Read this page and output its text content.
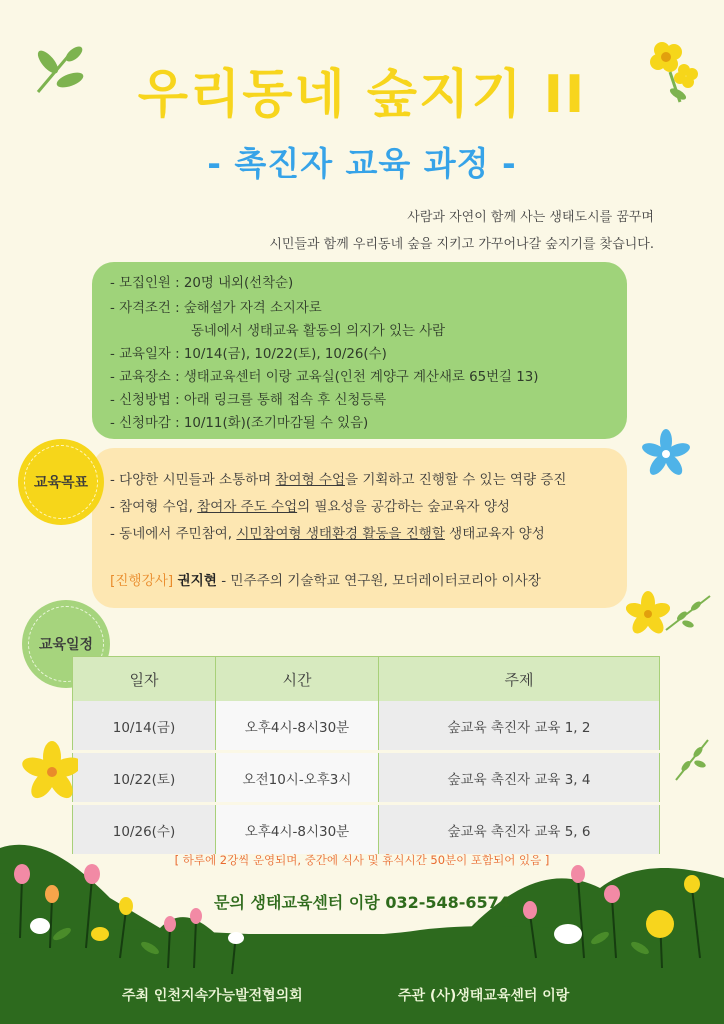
우리동네 숲지기 II
- 촉진자 교육 과정 -
사람과 자연이 함께 사는 생태도시를 꿈꾸며
시민들과 함께 우리동네 숲을 지키고 가꾸어나갈 숲지기를 찾습니다.
- 모집인원 : 20명 내외(선착순)
- 자격조건 : 숲해설가 자격 소지자로
동네에서 생태교육 활동의 의지가 있는 사람
- 교육일자 : 10/14(금), 10/22(토), 10/26(수)
- 교육장소 : 생태교육센터 이랑 교육실(인천 계양구 계산새로 65번길 13)
- 신청방법 : 아래 링크를 통해 접속 후 신청등록
- 신청마감 : 10/11(화)(조기마감될 수 있음)
교육목표 - 다양한 시민들과 소통하며 참여형 수업을 기획하고 진행할 수 있는 역량 증진
- 참여형 수업, 참여자 주도 수업의 필요성을 공감하는 숲교육자 양성
- 동네에서 주민참여, 시민참여형 생태환경 활동을 진행할 생태교육자 양성
[진행강사] 권지현 - 민주주의 기술학교 연구원, 모더레이터코리아 이사장
교육일정
일자	시간	주제
10/14(금)	오후4시-8시30분	숲교육 촉진자 교육 1, 2
10/22(토)	오전10시-오후3시	숲교육 촉진자 교육 3, 4
10/26(수)	오후4시-8시30분	숲교육 촉진자 교육 5, 6
[ 하루에 2강씩 운영되며, 중간에 식사 및 휴식시간 50분이 포함되어 있음 ]
문의 생태교육센터 이랑 032-548-6574
주최 인천지속가능발전협의회	주관 (사)생태교육센터 이랑
